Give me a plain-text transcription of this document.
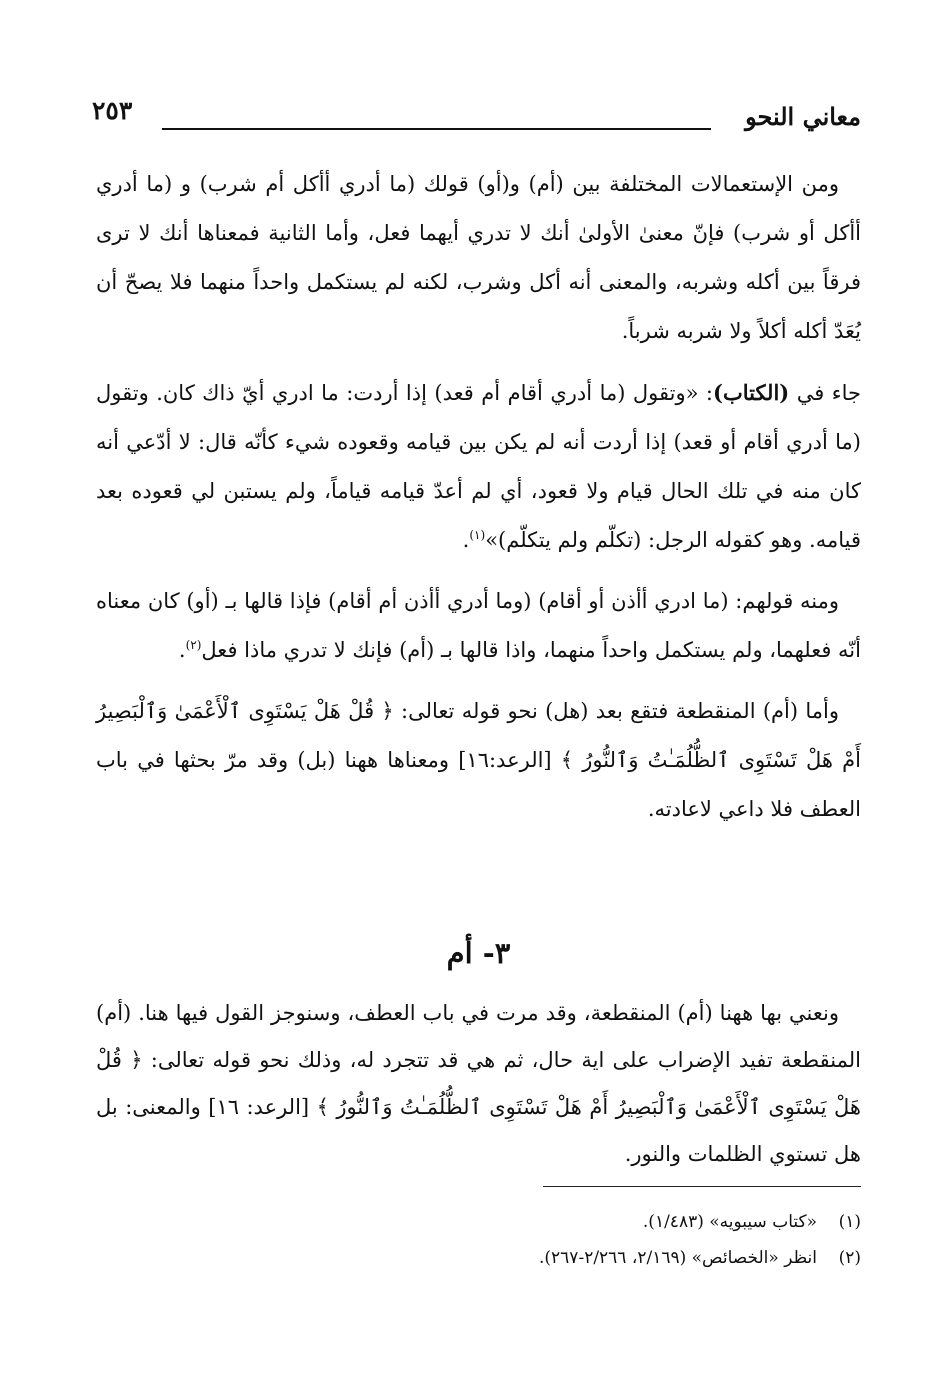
معاني النحو
٢٥٣

ومن الإستعمالات المختلفة بين (أم) و(أو) قولك (ما أدري أأكل أم شرب) و (ما أدري أأكل أو شرب) فإنّ معنىٰ الأولىٰ أنك لا تدري أيهما فعل، وأما الثانية فمعناها أنك لا ترى فرقاً بين أكله وشربه، والمعنى أنه أكل وشرب، لكنه لم يستكمل واحداً منهما فلا يصحّ أن يُعَدّ أكله أكلاً ولا شربه شرباً.

جاء في (الكتاب): «وتقول (ما أدري أقام أم قعد) إذا أردت: ما ادري أيّ ذاك كان. وتقول (ما أدري أقام أو قعد) إذا أردت أنه لم يكن بين قيامه وقعوده شيء كأنّه قال: لا أدّعي أنه كان منه في تلك الحال قيام ولا قعود، أي لم أعدّ قيامه قياماً، ولم يستبن لي قعوده بعد قيامه. وهو كقوله الرجل: (تكلّم ولم يتكلّم)»$^{(١)}$.

ومنه قولهم: (ما ادري أأذن أو أقام) (وما أدري أأذن أم أقام) فإذا قالها بـ (أو) كان معناه أنّه فعلهما، ولم يستكمل واحداً منهما، واذا قالها بـ (أم) فإنك لا تدري ماذا فعل$^{(٢)}$.

وأما (أم) المنقطعة فتقع بعد (هل) نحو قوله تعالى: ﴿ قُلْ هَلْ يَسْتَوِى ٱلْأَعْمَىٰ وَٱلْبَصِيرُ أَمْ هَلْ تَسْتَوِى ٱلظُّلُمَـٰتُ وَٱلنُّورُ ﴾ [الرعد:١٦] ومعناها ههنا (بل) وقد مرّ بحثها في باب العطف فلا داعي لاعادته.

٣- أم

ونعني بها ههنا (أم) المنقطعة، وقد مرت في باب العطف، وسنوجز القول فيها هنا. (أم) المنقطعة تفيد الإضراب على اية حال، ثم هي قد تتجرد له، وذلك نحو قوله تعالى: ﴿ قُلْ هَلْ يَسْتَوِى ٱلْأَعْمَىٰ وَٱلْبَصِيرُ أَمْ هَلْ تَسْتَوِى ٱلظُّلُمَـٰتُ وَٱلنُّورُ ﴾ [الرعد: ١٦] والمعنى: بل هل تستوي الظلمات والنور.

(١)«كتاب سيبويه» (١/٤٨٣).
(٢)انظر «الخصائص» (٢/١٦٩، ٢/٢٦٦-٢٦٧).
